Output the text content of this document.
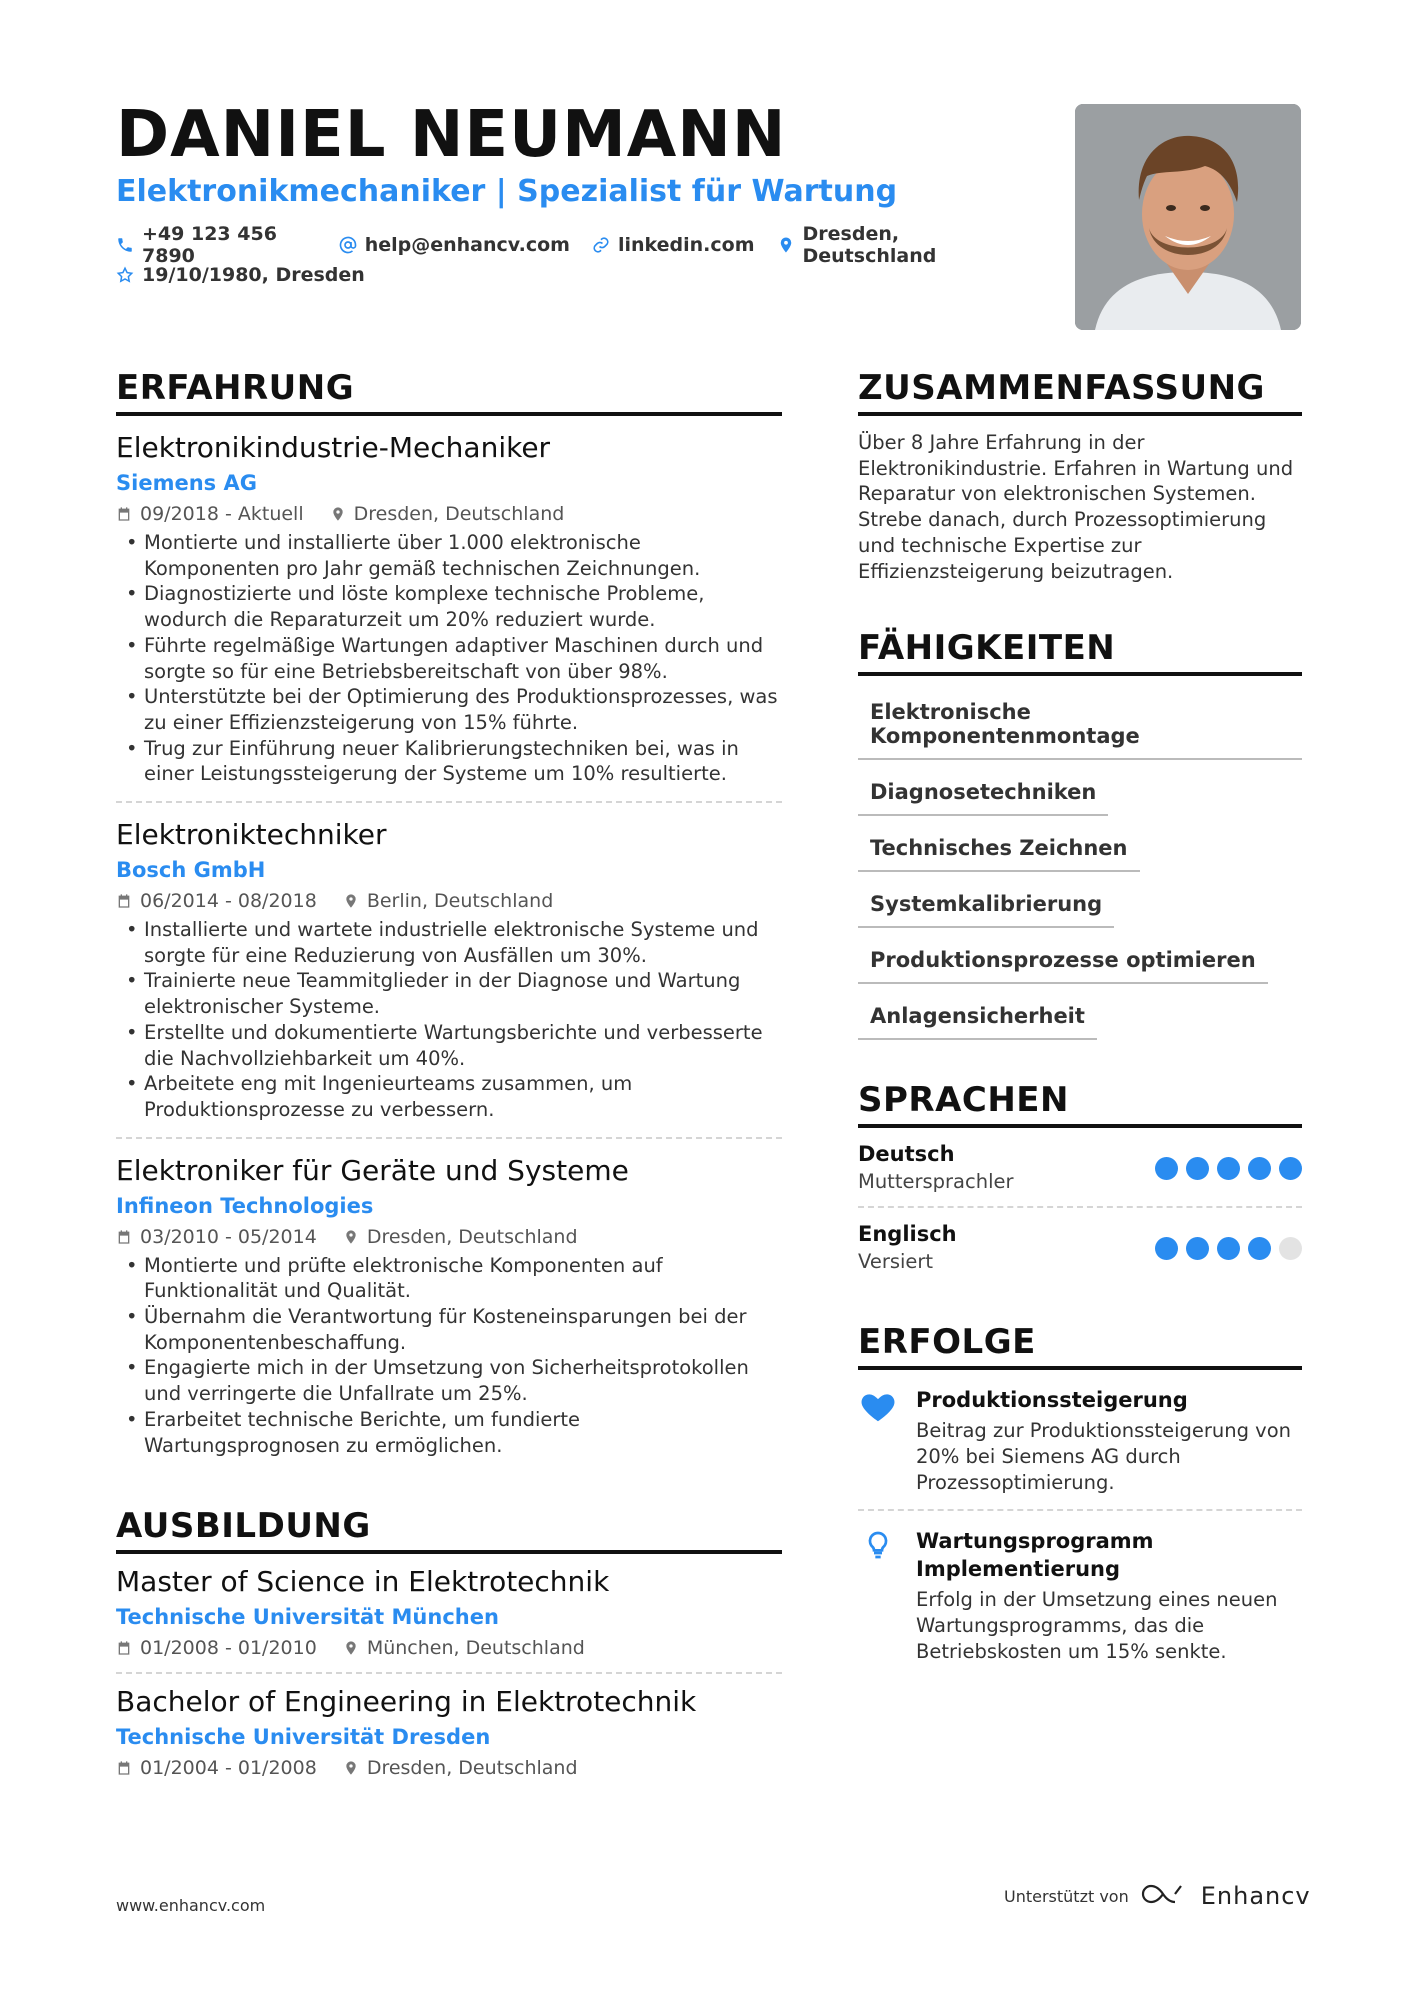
DANIEL NEUMANN
Elektronikmechaniker | Spezialist für Wartung
+49 123 456 7890	help@enhancv.com	linkedin.com	Dresden, Deutschland
19/10/1980, Dresden
ERFAHRUNG
Elektronikindustrie-Mechaniker
Siemens AG
09/2018 - Aktuell	Dresden, Deutschland
• Montierte und installierte über 1.000 elektronische Komponenten pro Jahr gemäß technischen Zeichnungen.
• Diagnostizierte und löste komplexe technische Probleme, wodurch die Reparaturzeit um 20% reduziert wurde.
• Führte regelmäßige Wartungen adaptiver Maschinen durch und sorgte so für eine Betriebsbereitschaft von über 98%.
• Unterstützte bei der Optimierung des Produktionsprozesses, was zu einer Effizienzsteigerung von 15% führte.
• Trug zur Einführung neuer Kalibrierungstechniken bei, was in einer Leistungssteigerung der Systeme um 10% resultierte.
Elektroniktechniker
Bosch GmbH
06/2014 - 08/2018	Berlin, Deutschland
• Installierte und wartete industrielle elektronische Systeme und sorgte für eine Reduzierung von Ausfällen um 30%.
• Trainierte neue Teammitglieder in der Diagnose und Wartung elektronischer Systeme.
• Erstellte und dokumentierte Wartungsberichte und verbesserte die Nachvollziehbarkeit um 40%.
• Arbeitete eng mit Ingenieurteams zusammen, um Produktionsprozesse zu verbessern.
Elektroniker für Geräte und Systeme
Infineon Technologies
03/2010 - 05/2014	Dresden, Deutschland
• Montierte und prüfte elektronische Komponenten auf Funktionalität und Qualität.
• Übernahm die Verantwortung für Kosteneinsparungen bei der Komponentenbeschaffung.
• Engagierte mich in der Umsetzung von Sicherheitsprotokollen und verringerte die Unfallrate um 25%.
• Erarbeitet technische Berichte, um fundierte Wartungsprognosen zu ermöglichen.
AUSBILDUNG
Master of Science in Elektrotechnik
Technische Universität München
01/2008 - 01/2010	München, Deutschland
Bachelor of Engineering in Elektrotechnik
Technische Universität Dresden
01/2004 - 01/2008	Dresden, Deutschland
ZUSAMMENFASSUNG
Über 8 Jahre Erfahrung in der Elektronikindustrie. Erfahren in Wartung und Reparatur von elektronischen Systemen. Strebe danach, durch Prozessoptimierung und technische Expertise zur Effizienzsteigerung beizutragen.
FÄHIGKEITEN
Elektronische Komponentenmontage
Diagnosetechniken
Technisches Zeichnen
Systemkalibrierung
Produktionsprozesse optimieren
Anlagensicherheit
SPRACHEN
Deutsch
Muttersprachler
Englisch
Versiert
ERFOLGE
Produktionssteigerung
Beitrag zur Produktionssteigerung von 20% bei Siemens AG durch Prozessoptimierung.
Wartungsprogramm Implementierung
Erfolg in der Umsetzung eines neuen Wartungsprogramms, das die Betriebskosten um 15% senkte.
www.enhancv.com	Unterstützt von	Enhancv
